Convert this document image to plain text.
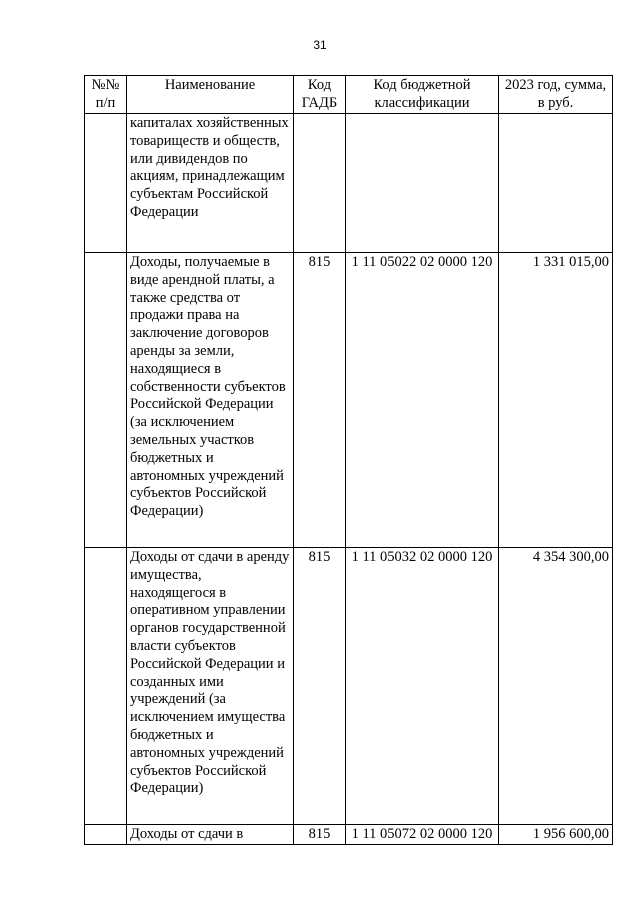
31
№№ п/п	Наименование	Код ГАДБ	Код бюджетной классификации	2023 год, сумма, в руб.
	капиталах хозяйственных товариществ и обществ, или дивидендов по акциям, принадлежащим субъектам Российской Федерации			
	Доходы, получаемые в виде арендной платы, а также средства от продажи права на заключение договоров аренды за земли, находящиеся в собственности субъектов Российской Федерации (за исключением земельных участков бюджетных и автономных учреждений субъектов Российской Федерации)	815	1 11 05022 02 0000 120	1 331 015,00
	Доходы от сдачи в аренду имущества, находящегося в оперативном управлении органов государственной власти субъектов Российской Федерации и созданных ими учреждений (за исключением имущества бюджетных и автономных учреждений субъектов Российской Федерации)	815	1 11 05032 02 0000 120	4 354 300,00
	Доходы от сдачи в	815	1 11 05072 02 0000 120	1 956 600,00
